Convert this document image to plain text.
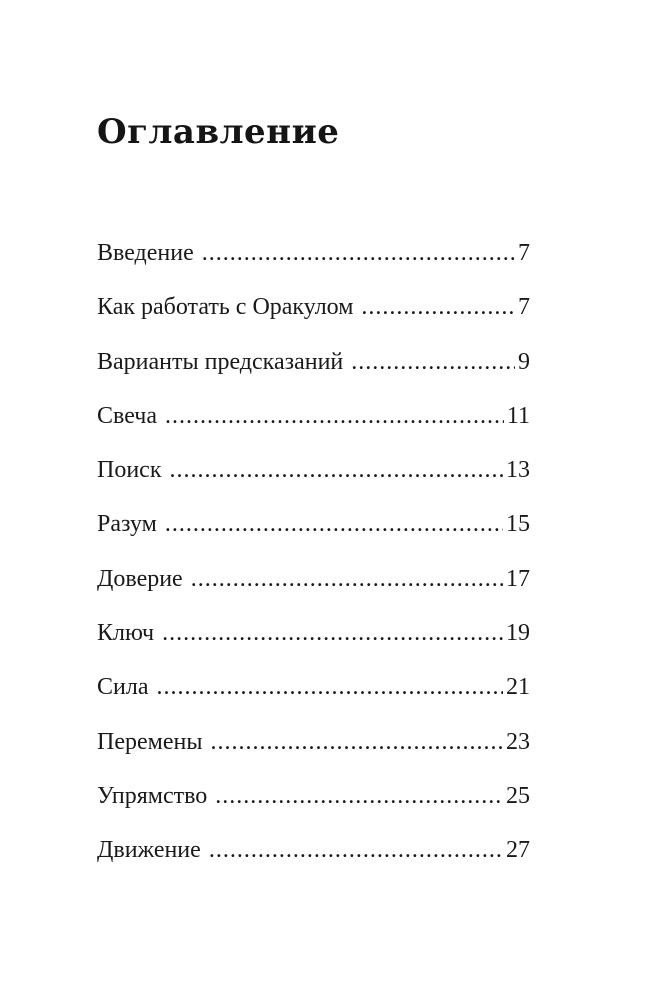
Оглавление
Введение .....	7
Как работать с Оракулом .....	7
Варианты предсказаний .....	9
Свеча .....	11
Поиск .....	13
Разум .....	15
Доверие .....	17
Ключ .....	19
Сила .....	21
Перемены .....	23
Упрямство .....	25
Движение .....	27
